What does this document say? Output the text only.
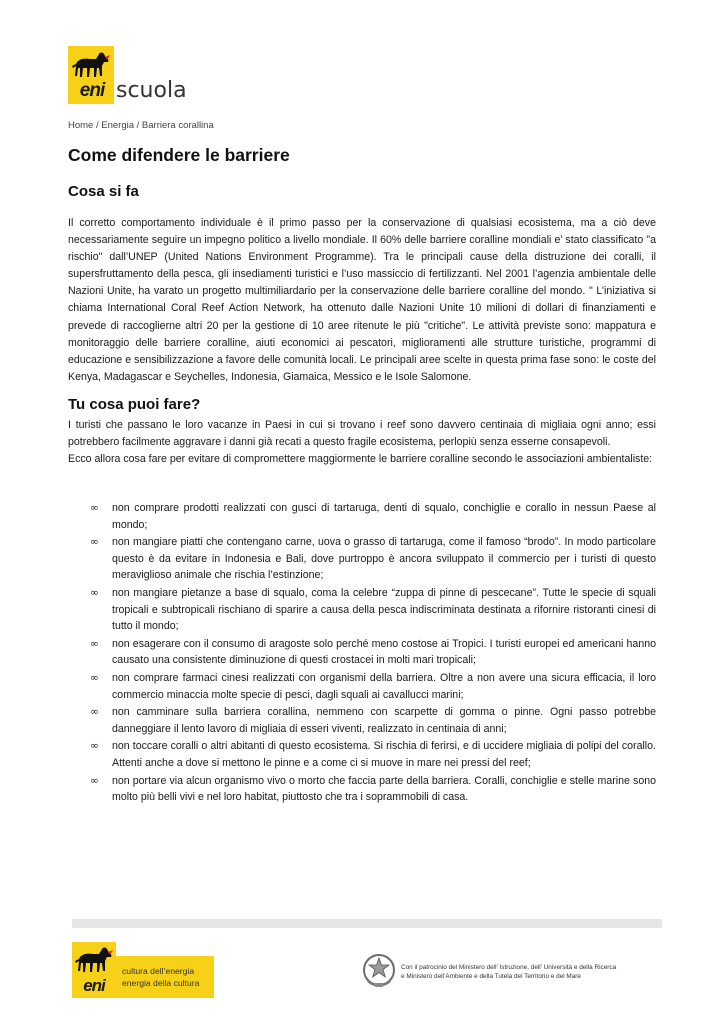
eni scuola
Home / Energia / Barriera corallina
Come difendere le barriere
Cosa si fa

Il corretto comportamento individuale è il primo passo per la conservazione di qualsiasi ecosistema, ma a ciò deve necessariamente seguire un impegno politico a livello mondiale. Il 60% delle barriere coralline mondiali e’ stato classificato "a rischio" dall’UNEP (United Nations Environment Programme). Tra le principali cause della distruzione dei coralli, il supersfruttamento della pesca, gli insediamenti turistici e l’uso massiccio di fertilizzanti. Nel 2001 l’agenzia ambientale delle Nazioni Unite, ha varato un progetto multimiliardario per la conservazione delle barriere coralline del mondo. " L’iniziativa si chiama International Coral Reef Action Network, ha ottenuto dalle Nazioni Unite 10 milioni di dollari di finanziamenti e prevede di raccoglierne altri 20 per la gestione di 10 aree ritenute le più "critiche". Le attività previste sono: mappatura e monitoraggio delle barriere coralline, aiuti economici ai pescatori, miglioramenti alle strutture turistiche, programmi di educazione e sensibilizzazione a favore delle comunità locali. Le principali aree scelte in questa prima fase sono: le coste del Kenya, Madagascar e Seychelles, Indonesia, Giamaica, Messico e le Isole Salomone.

Tu cosa puoi fare?

I turisti che passano le loro vacanze in Paesi in cui si trovano i reef sono davvero centinaia di migliaia ogni anno; essi potrebbero facilmente aggravare i danni già recati a questo fragile ecosistema, perlopiù senza esserne consapevoli.

Ecco allora cosa fare per evitare di compromettere maggiormente le barriere coralline secondo le associazioni ambientaliste:

∞ non comprare prodotti realizzati con gusci di tartaruga, denti di squalo, conchiglie e corallo in nessun Paese al mondo;
∞ non mangiare piatti che contengano carne, uova o grasso di tartaruga, come il famoso “brodo”. In modo particolare questo è da evitare in Indonesia e Bali, dove purtroppo è ancora sviluppato il commercio per i turisti di questo meraviglioso animale che rischia l’estinzione;
∞ non mangiare pietanze a base di squalo, coma la celebre “zuppa di pinne di pescecane”. Tutte le specie di squali tropicali e subtropicali rischiano di sparire a causa della pesca indiscriminata destinata a rifornire ristoranti cinesi di tutto il mondo;
∞ non esagerare con il consumo di aragoste solo perché meno costose ai Tropici. I turisti europei ed americani hanno causato una consistente diminuzione di questi crostacei in molti mari tropicali;
∞ non comprare farmaci cinesi realizzati con organismi della barriera. Oltre a non avere una sicura efficacia, il loro commercio minaccia molte specie di pesci, dagli squali ai cavallucci marini;
∞ non camminare sulla barriera corallina, nemmeno con scarpette di gomma o pinne. Ogni passo potrebbe danneggiare il lento lavoro di migliaia di esseri viventi, realizzato in centinaia di anni;
∞ non toccare coralli o altri abitanti di questo ecosistema. Si rischia di ferirsi, e di uccidere migliaia di polipi del corallo. Attenti anche a dove si mettono le pinne e a come ci si muove in mare nei pressi del reef;
∞ non portare via alcun organismo vivo o morto che faccia parte della barriera. Coralli, conchiglie e stelle marine sono molto più belli vivi e nel loro habitat, piuttosto che tra i soprammobili di casa.
eni
cultura dell’energia
energia della cultura
Con il patrocinio del Ministero dell’ Istruzione, dell’ Università e della Ricerca
e Ministero dell’Ambiente e della Tutela del Territorio e del Mare
